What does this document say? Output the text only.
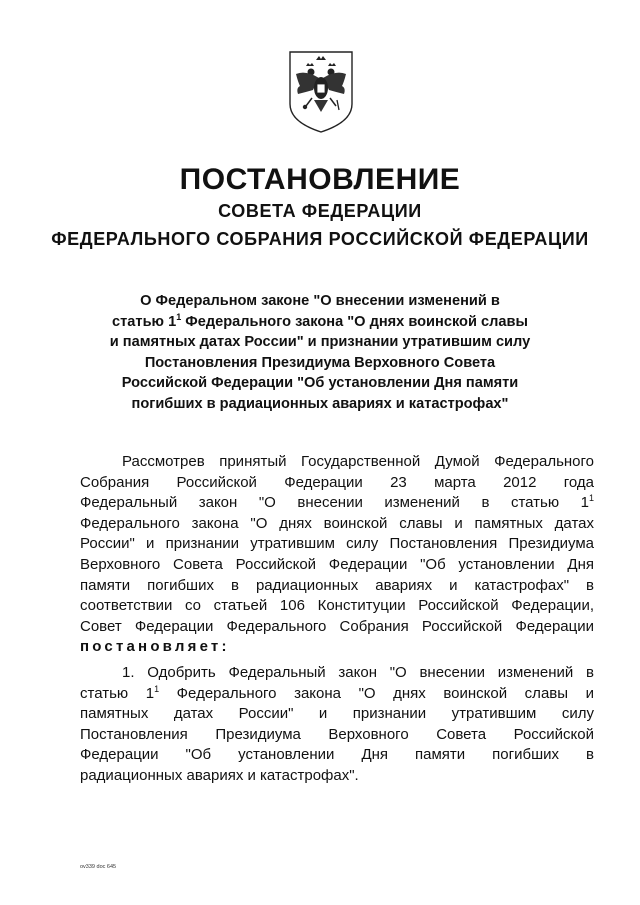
ПОСТАНОВЛЕНИЕ
СОВЕТА ФЕДЕРАЦИИ
ФЕДЕРАЛЬНОГО СОБРАНИЯ РОССИЙСКОЙ ФЕДЕРАЦИИ
О Федеральном законе "О внесении изменений в
статью $1^1$ Федерального закона "О днях воинской славы
и памятных датах России" и признании утратившим силу
Постановления Президиума Верховного Совета
Российской Федерации "Об установлении Дня памяти
погибших в радиационных авариях и катастрофах"
Рассмотрев принятый Государственной Думой Федерального
Собрания Российской Федерации 23 марта 2012 года
Федеральный закон "О внесении изменений в статью $1^1$
Федерального закона "О днях воинской славы и памятных датах
России" и признании утратившим силу Постановления Президиума
Верховного Совета Российской Федерации "Об установлении Дня
памяти погибших в радиационных авариях и катастрофах" в
соответствии со статьей 106 Конституции Российской Федерации,
Совет Федерации Федерального Собрания Российской Федерации
постановляет:
1. Одобрить Федеральный закон "О внесении изменений в
статью $1^1$ Федерального закона "О днях воинской славы и
памятных датах России" и признании утратившим силу
Постановления Президиума Верховного Совета Российской
Федерации "Об установлении Дня памяти погибших в
радиационных авариях и катастрофах".
ov339 doc 645
